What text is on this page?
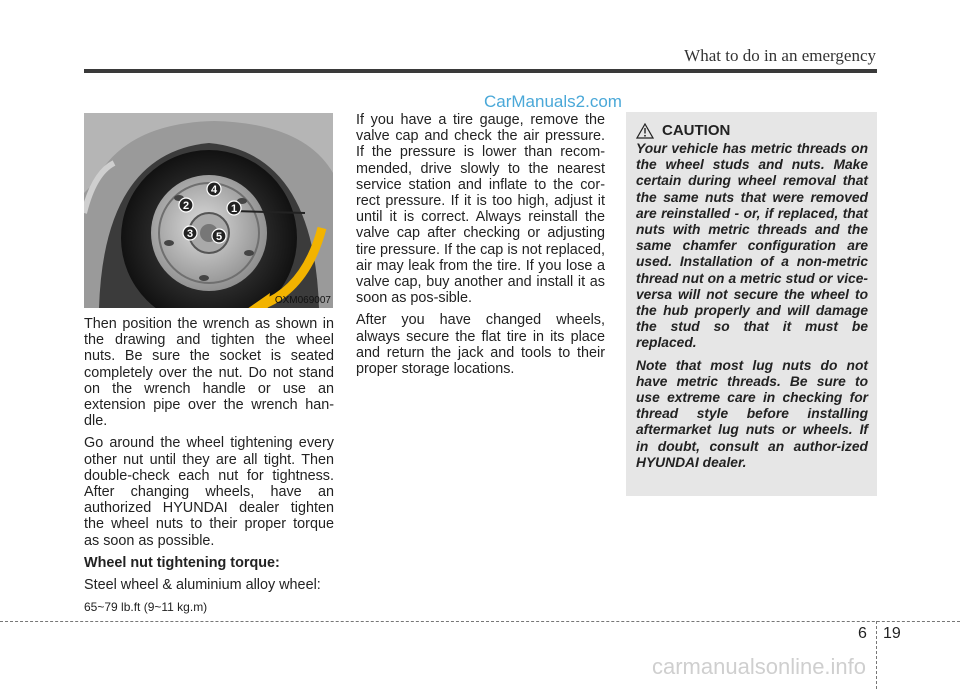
What to do in an emergency
CarManuals2.com
1
2
3
4
5
OXM069007

Then position the wrench as shown in the drawing and tighten the wheel nuts. Be sure the socket is seated completely over the nut. Do not stand on the wrench handle or use an extension pipe over the wrench han-dle.

Go around the wheel tightening every other nut until they are all tight. Then double-check each nut for tightness. After changing wheels, have an authorized HYUNDAI dealer tighten the wheel nuts to their proper torque as soon as possible.

Wheel nut tightening torque:

Steel wheel & aluminium alloy wheel:

65~79 lb.ft (9~11 kg.m)

If you have a tire gauge, remove the valve cap and check the air pressure. If the pressure is lower than recom-mended, drive slowly to the nearest service station and inflate to the cor-rect pressure. If it is too high, adjust it until it is correct. Always reinstall the valve cap after checking or adjusting tire pressure. If the cap is not replaced, air may leak from the tire. If you lose a valve cap, buy another and install it as soon as pos-sible.

After you have changed wheels, always secure the flat tire in its place and return the jack and tools to their proper storage locations.

CAUTION

Your vehicle has metric threads on the wheel studs and nuts. Make certain during wheel removal that the same nuts that were removed are reinstalled - or, if replaced, that nuts with metric threads and the same chamfer configuration are used. Installation of a non-metric thread nut on a metric stud or vice-versa will not secure the wheel to the hub properly and will damage the stud so that it must be replaced.

Note that most lug nuts do not have metric threads. Be sure to use extreme care in checking for thread style before installing aftermarket lug nuts or wheels. If in doubt, consult an author-ized HYUNDAI dealer.

6 19
carmanualsonline.info
